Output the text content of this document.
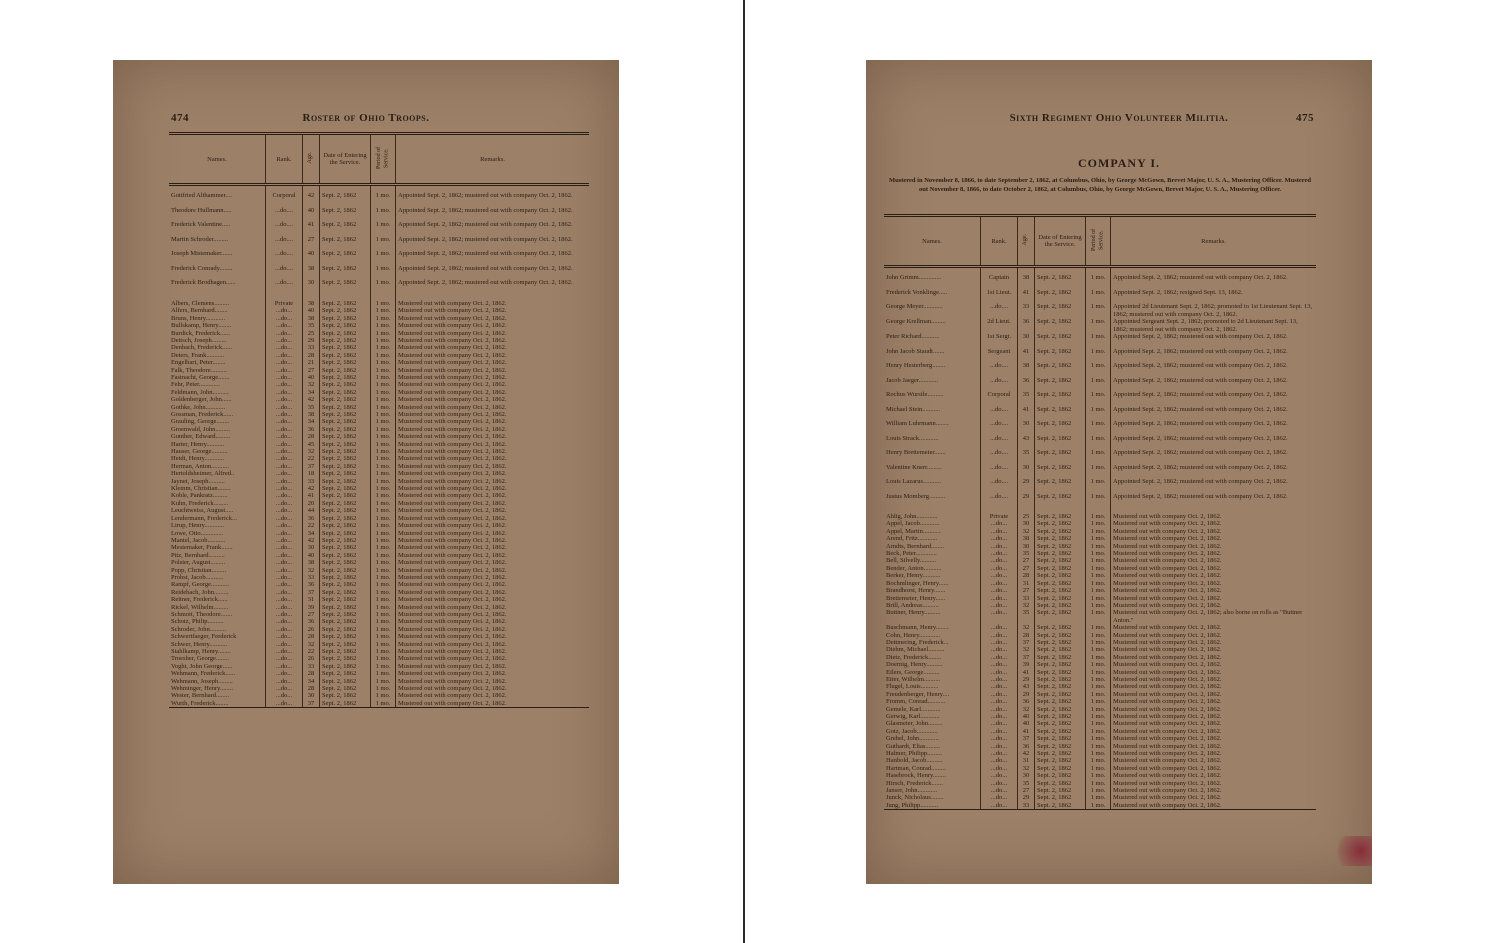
474	Roster of Ohio Troops.
Names.	Rank.	Age.	Date of Entering the Service.	Period of Service.	Remarks.

Gottfried Althammer....	Corporal	42	Sept. 2, 1862	1 mo.	Appointed Sept. 2, 1862; mustered out with company Oct. 2, 1862.
Theodore Hullmann.....	...do....	40	Sept. 2, 1862	1 mo.	Appointed Sept. 2, 1862; mustered out with company Oct. 2, 1862.
Frederick Valentine.....	...do....	41	Sept. 2, 1862	1 mo.	Appointed Sept. 2, 1862; mustered out with company Oct. 2, 1862.
Martin Schroder.........	...do....	27	Sept. 2, 1862	1 mo.	Appointed Sept. 2, 1862; mustered out with company Oct. 2, 1862.
Joseph Mistemaker.......	...do....	40	Sept. 2, 1862	1 mo.	Appointed Sept. 2, 1862; mustered out with company Oct. 2, 1862.
Frederick Conrady........	...do....	38	Sept. 2, 1862	1 mo.	Appointed Sept. 2, 1862; mustered out with company Oct. 2, 1862.
Frederick Brodhagen......	...do....	30	Sept. 2, 1862	1 mo.	Appointed Sept. 2, 1862; mustered out with company Oct. 2, 1862.

Albers, Clemens.........	Private	38	Sept. 2, 1862	1 mo.	Mustered out with company Oct. 2, 1862.
Alfers, Bernhard........	...do...	40	Sept. 2, 1862	1 mo.	Mustered out with company Oct. 2, 1862.
Bruns, Henry............	...do...	38	Sept. 2, 1862	1 mo.	Mustered out with company Oct. 2, 1862.
Bullskamp, Henry........	...do...	35	Sept. 2, 1862	1 mo.	Mustered out with company Oct. 2, 1862.
Burdick, Frederick......	...do...	25	Sept. 2, 1862	1 mo.	Mustered out with company Oct. 2, 1862.
Deitsch, Joseph.........	...do...	29	Sept. 2, 1862	1 mo.	Mustered out with company Oct. 2, 1862.
Denbach, Frederick......	...do...	33	Sept. 2, 1862	1 mo.	Mustered out with company Oct. 2, 1862.
Deters, Frank...........	...do...	28	Sept. 2, 1862	1 mo.	Mustered out with company Oct. 2, 1862.
Engelhart, Peter........	...do...	21	Sept. 2, 1862	1 mo.	Mustered out with company Oct. 2, 1862.
Falk, Theodore..........	...do...	27	Sept. 2, 1862	1 mo.	Mustered out with company Oct. 2, 1862.
Fastnacht, George.......	...do...	40	Sept. 2, 1862	1 mo.	Mustered out with company Oct. 2, 1862.
Fehr, Peter.............	...do...	32	Sept. 2, 1862	1 mo.	Mustered out with company Oct. 2, 1862.
Feldmann, John..........	...do...	34	Sept. 2, 1862	1 mo.	Mustered out with company Oct. 2, 1862.
Goldenberger, John......	...do...	42	Sept. 2, 1862	1 mo.	Mustered out with company Oct. 2, 1862.
Gothke, John............	...do...	35	Sept. 2, 1862	1 mo.	Mustered out with company Oct. 2, 1862.
Gossman, Frederick......	...do...	38	Sept. 2, 1862	1 mo.	Mustered out with company Oct. 2, 1862.
Grauling, George........	...do...	34	Sept. 2, 1862	1 mo.	Mustered out with company Oct. 2, 1862.
Groenwald, John.........	...do...	36	Sept. 2, 1862	1 mo.	Mustered out with company Oct. 2, 1862.
Gunther, Edward.........	...do...	28	Sept. 2, 1862	1 mo.	Mustered out with company Oct. 2, 1862.
Harter, Henry...........	...do...	45	Sept. 2, 1862	1 mo.	Mustered out with company Oct. 2, 1862.
Hauser, George..........	...do...	32	Sept. 2, 1862	1 mo.	Mustered out with company Oct. 2, 1862.
Heidt, Henry............	...do...	22	Sept. 2, 1862	1 mo.	Mustered out with company Oct. 2, 1862.
Herman, Anton...........	...do...	37	Sept. 2, 1862	1 mo.	Mustered out with company Oct. 2, 1862.
Hertoldsheimer, Alfred..	...do...	18	Sept. 2, 1862	1 mo.	Mustered out with company Oct. 2, 1862.
Jaynet, Joseph..........	...do...	33	Sept. 2, 1862	1 mo.	Mustered out with company Oct. 2, 1862.
Klemm, Christian........	...do...	42	Sept. 2, 1862	1 mo.	Mustered out with company Oct. 2, 1862.
Koble, Pankratz.........	...do...	41	Sept. 2, 1862	1 mo.	Mustered out with company Oct. 2, 1862.
Kuhn, Frederick.........	...do...	20	Sept. 2, 1862	1 mo.	Mustered out with company Oct. 2, 1862.
Leuchtweiss, August.....	...do...	44	Sept. 2, 1862	1 mo.	Mustered out with company Oct. 2, 1862.
Lendermann, Frederick...	...do...	36	Sept. 2, 1862	1 mo.	Mustered out with company Oct. 2, 1862.
Lirup, Henry............	...do...	22	Sept. 2, 1862	1 mo.	Mustered out with company Oct. 2, 1862.
Lowe, Otto..............	...do...	34	Sept. 2, 1862	1 mo.	Mustered out with company Oct. 2, 1862.
Mantel, Jacob...........	...do...	42	Sept. 2, 1862	1 mo.	Mustered out with company Oct. 2, 1862.
Mestemaker, Frank.......	...do...	30	Sept. 2, 1862	1 mo.	Mustered out with company Oct. 2, 1862.
Pitz, Bernhard..........	...do...	40	Sept. 2, 1862	1 mo.	Mustered out with company Oct. 2, 1862.
Polster, August.........	...do...	38	Sept. 2, 1862	1 mo.	Mustered out with company Oct. 2, 1862.
Popp, Christian.........	...do...	32	Sept. 2, 1862	1 mo.	Mustered out with company Oct. 2, 1862.
Probst, Jacob...........	...do...	33	Sept. 2, 1862	1 mo.	Mustered out with company Oct. 2, 1862.
Rampf, George...........	...do...	36	Sept. 2, 1862	1 mo.	Mustered out with company Oct. 2, 1862.
Reidebach, John.........	...do...	37	Sept. 2, 1862	1 mo.	Mustered out with company Oct. 2, 1862.
Reitner, Frederick......	...do...	31	Sept. 2, 1862	1 mo.	Mustered out with company Oct. 2, 1862.
Rickel, Wilhelm.........	...do...	39	Sept. 2, 1862	1 mo.	Mustered out with company Oct. 2, 1862.
Schmoit, Theodore.......	...do...	27	Sept. 2, 1862	1 mo.	Mustered out with company Oct. 2, 1862.
Schotz, Philip..........	...do...	36	Sept. 2, 1862	1 mo.	Mustered out with company Oct. 2, 1862.
Schroder, John..........	...do...	26	Sept. 2, 1862	1 mo.	Mustered out with company Oct. 2, 1862.
Schwertfaeger, Frederick	...do...	28	Sept. 2, 1862	1 mo.	Mustered out with company Oct. 2, 1862.
Schwer, Henry...........	...do...	32	Sept. 2, 1862	1 mo.	Mustered out with company Oct. 2, 1862.
Stahlkamp, Henry........	...do...	22	Sept. 2, 1862	1 mo.	Mustered out with company Oct. 2, 1862.
Troesher, George........	...do...	26	Sept. 2, 1862	1 mo.	Mustered out with company Oct. 2, 1862.
Voght, John George......	...do...	33	Sept. 2, 1862	1 mo.	Mustered out with company Oct. 2, 1862.
Wehmann, Frederick......	...do...	28	Sept. 2, 1862	1 mo.	Mustered out with company Oct. 2, 1862.
Wehmann, Joseph.........	...do...	34	Sept. 2, 1862	1 mo.	Mustered out with company Oct. 2, 1862.
Wehminger, Henry........	...do...	28	Sept. 2, 1862	1 mo.	Mustered out with company Oct. 2, 1862.
Wester, Bernhard........	...do...	30	Sept. 2, 1862	1 mo.	Mustered out with company Oct. 2, 1862.
Wurth, Frederick........	...do...	37	Sept. 2, 1862	1 mo.	Mustered out with company Oct. 2, 1862.
Sixth Regiment Ohio Volunteer Militia.	475
COMPANY I.
Mustered in November 8, 1866, to date September 2, 1862, at Columbus, Ohio, by George McGown, Brevet Major, U. S. A., Mustering Officer. Mustered out November 8, 1866, to date October 2, 1862, at Columbus, Ohio, by George McGown, Brevet Major, U. S. A., Mustering Officer.
Names.	Rank.	Age.	Date of Entering the Service.	Period of Service.	Remarks.

John Grimm..............	Captain	38	Sept. 2, 1862	1 mo.	Appointed Sept. 2, 1862; mustered out with company Oct. 2, 1862.
Frederick Vonklinge.....	1st Lieut.	41	Sept. 2, 1862	1 mo.	Appointed Sept. 2, 1862; resigned Sept. 13, 1862.
George Meyer............	...do....	33	Sept. 2, 1862	1 mo.	Appointed 2d Lieutenant Sept. 2, 1862; promoted to 1st Lieutenant Sept. 13, 1862; mustered out with company Oct. 2, 1862.
George Krellman.........	2d Lieut.	36	Sept. 2, 1862	1 mo.	Appointed Sergeant Sept. 2, 1862; promoted to 2d Lieutenant Sept. 13, 1862; mustered out with company Oct. 2, 1862.
Peter Richard...........	1st Sergt.	30	Sept. 2, 1862	1 mo.	Appointed Sept. 2, 1862; mustered out with company Oct. 2, 1862.
John Jacob Staudt.......	Sergeant	41	Sept. 2, 1862	1 mo.	Appointed Sept. 2, 1862; mustered out with company Oct. 2, 1862.
Henry Hesterberg........	...do....	38	Sept. 2, 1862	1 mo.	Appointed Sept. 2, 1862; mustered out with company Oct. 2, 1862.
Jacob Jaeger............	...do....	36	Sept. 2, 1862	1 mo.	Appointed Sept. 2, 1862; mustered out with company Oct. 2, 1862.
Rochus Wurstle..........	Corporal	35	Sept. 2, 1862	1 mo.	Appointed Sept. 2, 1862; mustered out with company Oct. 2, 1862.
Michael Stein...........	...do....	41	Sept. 2, 1862	1 mo.	Appointed Sept. 2, 1862; mustered out with company Oct. 2, 1862.
William Luhrmann........	...do....	30	Sept. 2, 1862	1 mo.	Appointed Sept. 2, 1862; mustered out with company Oct. 2, 1862.
Louis Strack............	...do....	43	Sept. 2, 1862	1 mo.	Appointed Sept. 2, 1862; mustered out with company Oct. 2, 1862.
Henry Brettemeier.......	...do....	35	Sept. 2, 1862	1 mo.	Appointed Sept. 2, 1862; mustered out with company Oct. 2, 1862.
Valentine Knerr.........	...do....	30	Sept. 2, 1862	1 mo.	Appointed Sept. 2, 1862; mustered out with company Oct. 2, 1862.
Louis Lazarus...........	...do....	29	Sept. 2, 1862	1 mo.	Appointed Sept. 2, 1862; mustered out with company Oct. 2, 1862.
Justus Momberg..........	...do....	29	Sept. 2, 1862	1 mo.	Appointed Sept. 2, 1862; mustered out with company Oct. 2, 1862.

Ahlig, John.............	Private	25	Sept. 2, 1862	1 mo.	Mustered out with company Oct. 2, 1862.
Appel, Jacob............	...do...	30	Sept. 2, 1862	1 mo.	Mustered out with company Oct. 2, 1862.
Appel, Martin...........	...do...	32	Sept. 2, 1862	1 mo.	Mustered out with company Oct. 2, 1862.
Arend, Fritz............	...do...	38	Sept. 2, 1862	1 mo.	Mustered out with company Oct. 2, 1862.
Arndts, Bernhard........	...do...	30	Sept. 2, 1862	1 mo.	Mustered out with company Oct. 2, 1862.
Beck, Peter.............	...do...	35	Sept. 2, 1862	1 mo.	Mustered out with company Oct. 2, 1862.
Bell, Silvelly..........	...do...	27	Sept. 2, 1862	1 mo.	Mustered out with company Oct. 2, 1862.
Bender, Anton...........	...do...	27	Sept. 2, 1862	1 mo.	Mustered out with company Oct. 2, 1862.
Berker, Henry...........	...do...	28	Sept. 2, 1862	1 mo.	Mustered out with company Oct. 2, 1862.
Bochmlinger, Henry......	...do...	31	Sept. 2, 1862	1 mo.	Mustered out with company Oct. 2, 1862.
Brandhorst, Henry.......	...do...	27	Sept. 2, 1862	1 mo.	Mustered out with company Oct. 2, 1862.
Brettemeier, Henry......	...do...	33	Sept. 2, 1862	1 mo.	Mustered out with company Oct. 2, 1862.
Brill, Andreas..........	...do...	32	Sept. 2, 1862	1 mo.	Mustered out with company Oct. 2, 1862.
Buttner, Henry..........	...do...	35	Sept. 2, 1862	1 mo.	Mustered out with company Oct. 2, 1862; also borne on rolls as "Buttner Anton."
Buschmann, Henry........	...do...	32	Sept. 2, 1862	1 mo.	Mustered out with company Oct. 2, 1862.
Cohn, Henry.............	...do...	28	Sept. 2, 1862	1 mo.	Mustered out with company Oct. 2, 1862.
Dettmering, Frederick...	...do...	37	Sept. 2, 1862	1 mo.	Mustered out with company Oct. 2, 1862.
Diehm, Michael..........	...do...	32	Sept. 2, 1862	1 mo.	Mustered out with company Oct. 2, 1862.
Dietz, Frederick........	...do...	37	Sept. 2, 1862	1 mo.	Mustered out with company Oct. 2, 1862.
Doernig, Henry..........	...do...	39	Sept. 2, 1862	1 mo.	Mustered out with company Oct. 2, 1862.
Eilers, George..........	...do...	41	Sept. 2, 1862	1 mo.	Mustered out with company Oct. 2, 1862.
Etter, Wilhelm..........	...do...	29	Sept. 2, 1862	1 mo.	Mustered out with company Oct. 2, 1862.
Flugel, Louis...........	...do...	43	Sept. 2, 1862	1 mo.	Mustered out with company Oct. 2, 1862.
Freudenberger, Henry....	...do...	29	Sept. 2, 1862	1 mo.	Mustered out with company Oct. 2, 1862.
Fromm, Conrad...........	...do...	36	Sept. 2, 1862	1 mo.	Mustered out with company Oct. 2, 1862.
Gemele, Karl............	...do...	32	Sept. 2, 1862	1 mo.	Mustered out with company Oct. 2, 1862.
Gerwig, Karl............	...do...	40	Sept. 2, 1862	1 mo.	Mustered out with company Oct. 2, 1862.
Glasmeier, John.........	...do...	40	Sept. 2, 1862	1 mo.	Mustered out with company Oct. 2, 1862.
Gotz, Jacob.............	...do...	41	Sept. 2, 1862	1 mo.	Mustered out with company Oct. 2, 1862.
Grebel, John............	...do...	37	Sept. 2, 1862	1 mo.	Mustered out with company Oct. 2, 1862.
Guthardt, Elias.........	...do...	36	Sept. 2, 1862	1 mo.	Mustered out with company Oct. 2, 1862.
Halmer, Philipp.........	...do...	42	Sept. 2, 1862	1 mo.	Mustered out with company Oct. 2, 1862.
Hanbold, Jacob..........	...do...	31	Sept. 2, 1862	1 mo.	Mustered out with company Oct. 2, 1862.
Hartman, Conrad.........	...do...	32	Sept. 2, 1862	1 mo.	Mustered out with company Oct. 2, 1862.
Hasebrock, Henry........	...do...	30	Sept. 2, 1862	1 mo.	Mustered out with company Oct. 2, 1862.
Hirsch, Frederick.......	...do...	35	Sept. 2, 1862	1 mo.	Mustered out with company Oct. 2, 1862.
Janser, John............	...do...	27	Sept. 2, 1862	1 mo.	Mustered out with company Oct. 2, 1862.
Junck, Nicholaus........	...do...	29	Sept. 2, 1862	1 mo.	Mustered out with company Oct. 2, 1862.
Jung, Philipp...........	...do...	33	Sept. 2, 1862	1 mo.	Mustered out with company Oct. 2, 1862.
